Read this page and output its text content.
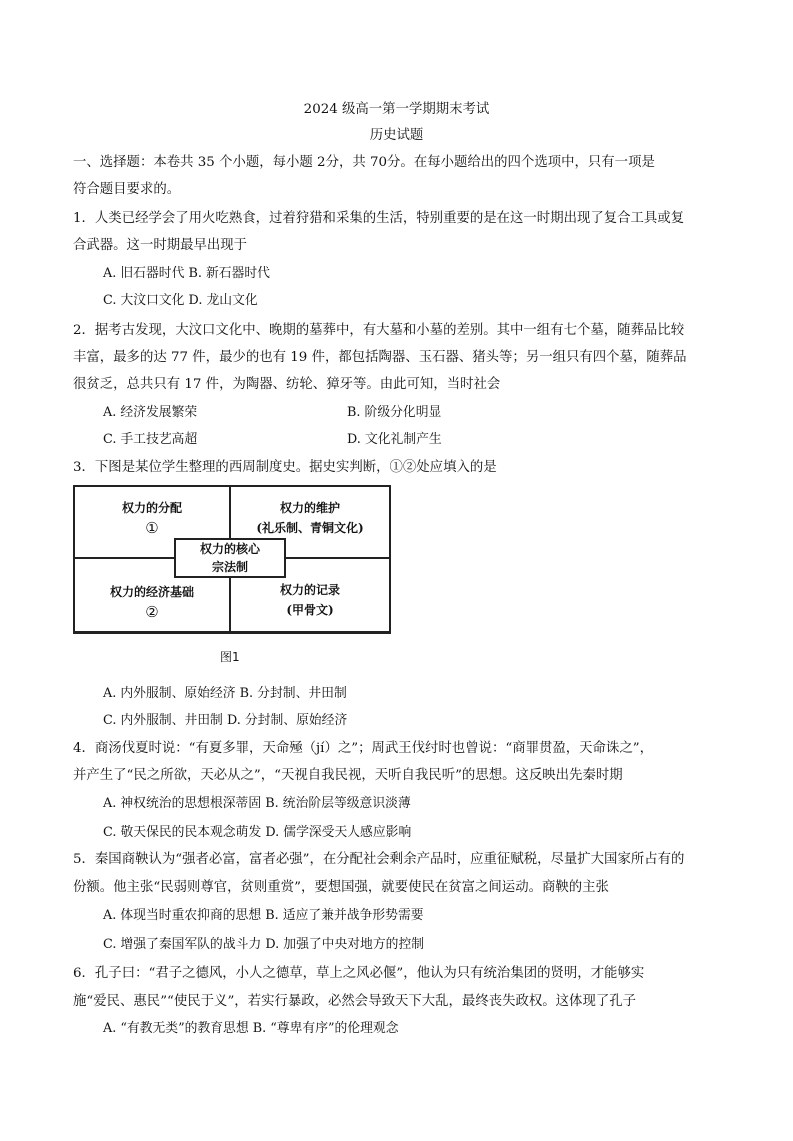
2024 级高一第一学期期末考试
历史试题
一、选择题：本卷共 35 个小题，每小题 2分，共 70分。在每小题给出的四个选项中，只有一项是
符合题目要求的。
1．人类已经学会了用火吃熟食，过着狩猎和采集的生活，特别重要的是在这一时期出现了复合工具或复
合武器。这一时期最早出现于
A. 旧石器时代 B. 新石器时代
C. 大汶口文化 D. 龙山文化
2．据考古发现，大汶口文化中、晚期的墓葬中，有大墓和小墓的差别。其中一组有七个墓，随葬品比较
丰富，最多的达 77 件，最少的也有 19 件，都包括陶器、玉石器、猪头等；另一组只有四个墓，随葬品
很贫乏，总共只有 17 件，为陶器、纺轮、獐牙等。由此可知，当时社会
A. 经济发展繁荣	B. 阶级分化明显
C. 手工技艺高超	D. 文化礼制产生
3．下图是某位学生整理的西周制度史。据史实判断，①②处应填入的是
权力的分配
①
权力的维护
(礼乐制、青铜文化)
权力的经济基础
②
权力的记录
(甲骨文)
权力的核心
宗法制
图1
A. 内外服制、原始经济 B. 分封制、井田制
C. 内外服制、井田制 D. 分封制、原始经济
4．商汤伐夏时说：“有夏多罪，天命殛（jí）之”；周武王伐纣时也曾说：“商罪贯盈，天命诛之”，
并产生了“民之所欲，天必从之”，“天视自我民视，天听自我民听”的思想。这反映出先秦时期
A. 神权统治的思想根深蒂固 B. 统治阶层等级意识淡薄
C. 敬天保民的民本观念萌发 D. 儒学深受天人感应影响
5．秦国商鞅认为“强者必富，富者必强”，在分配社会剩余产品时，应重征赋税，尽量扩大国家所占有的
份额。他主张“民弱则尊官，贫则重赏”，要想国强，就要使民在贫富之间运动。商鞅的主张
A. 体现当时重农抑商的思想 B. 适应了兼并战争形势需要
C. 增强了秦国军队的战斗力 D. 加强了中央对地方的控制
6．孔子曰：“君子之德风，小人之德草，草上之风必偃”，他认为只有统治集团的贤明，才能够实
施“爱民、惠民”“使民于义”，若实行暴政，必然会导致天下大乱，最终丧失政权。这体现了孔子
A. “有教无类”的教育思想 B. “尊卑有序”的伦理观念
